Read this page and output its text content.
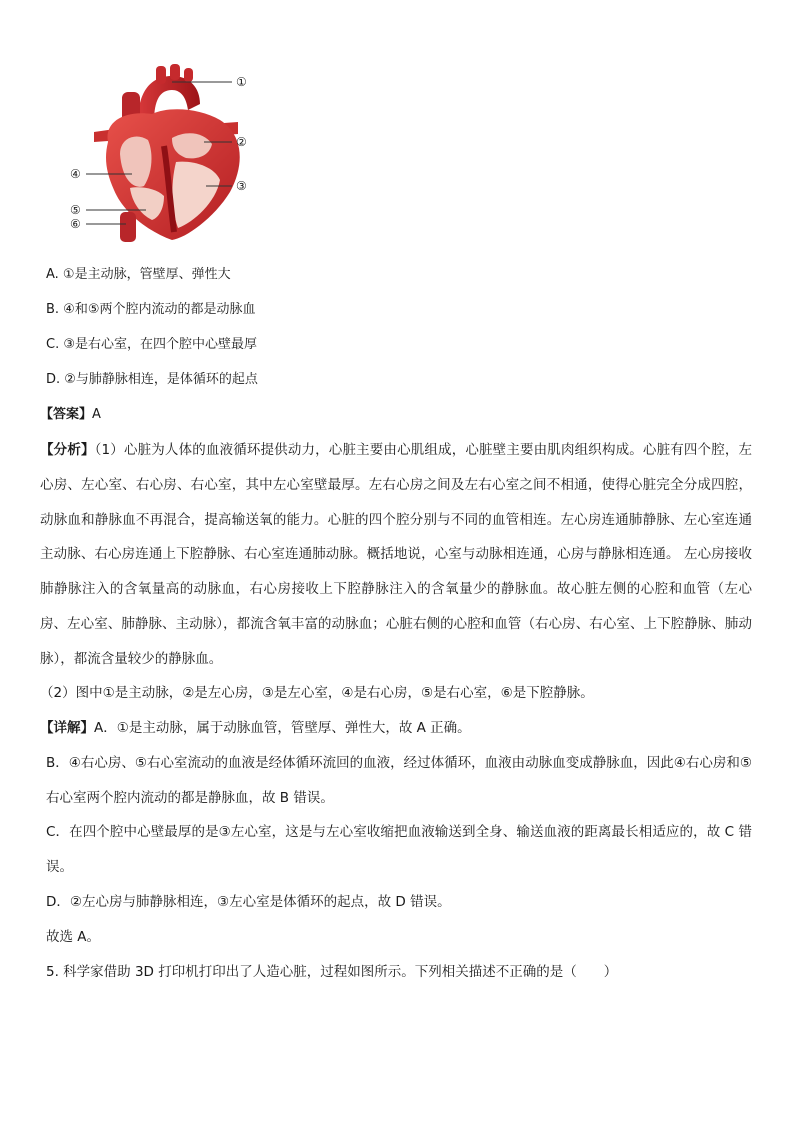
①
②
③
④
⑤
⑥
A. ①是主动脉，管壁厚、弹性大
B. ④和⑤两个腔内流动的都是动脉血
C. ③是右心室，在四个腔中心壁最厚
D. ②与肺静脉相连，是体循环的起点
【答案】A
【分析】（1）心脏为人体的血液循环提供动力，心脏主要由心肌组成，心脏壁主要由肌肉组织构成。心脏有四个腔，左心房、左心室、右心房、右心室，其中左心室壁最厚。左右心房之间及左右心室之间不相通，使得心脏完全分成四腔，动脉血和静脉血不再混合，提高输送氧的能力。心脏的四个腔分别与不同的血管相连。左心房连通肺静脉、左心室连通主动脉、右心房连通上下腔静脉、右心室连通肺动脉。概括地说，心室与动脉相连通，心房与静脉相连通。 左心房接收肺静脉注入的含氧量高的动脉血，右心房接收上下腔静脉注入的含氧量少的静脉血。故心脏左侧的心腔和血管（左心房、左心室、肺静脉、主动脉），都流含氧丰富的动脉血；心脏右侧的心腔和血管（右心房、右心室、上下腔静脉、肺动脉），都流含量较少的静脉血。
（2）图中①是主动脉，②是左心房，③是左心室，④是右心房，⑤是右心室，⑥是下腔静脉。
【详解】A．①是主动脉，属于动脉血管，管壁厚、弹性大，故 A 正确。
B．④右心房、⑤右心室流动的血液是经体循环流回的血液，经过体循环，血液由动脉血变成静脉血，因此④右心房和⑤右心室两个腔内流动的都是静脉血，故 B 错误。
C．在四个腔中心壁最厚的是③左心室，这是与左心室收缩把血液输送到全身、输送血液的距离最长相适应的，故 C 错误。
D．②左心房与肺静脉相连，③左心室是体循环的起点，故 D 错误。
故选 A。
5. 科学家借助 3D 打印机打印出了人造心脏，过程如图所示。下列相关描述不正确的是（　　）
